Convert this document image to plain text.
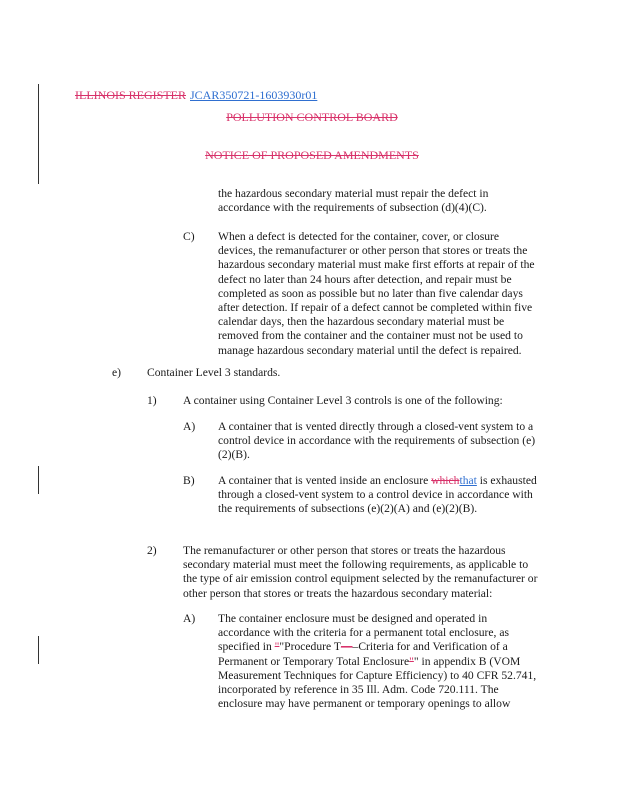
ILLINOIS REGISTER JCAR350721-1603930r01
POLLUTION CONTROL BOARD
NOTICE OF PROPOSED AMENDMENTS
the hazardous secondary material must repair the defect in accordance with the requirements of subsection (d)(4)(C).
C) When a defect is detected for the container, cover, or closure devices, the remanufacturer or other person that stores or treats the hazardous secondary material must make first efforts at repair of the defect no later than 24 hours after detection, and repair must be completed as soon as possible but no later than five calendar days after detection. If repair of a defect cannot be completed within five calendar days, then the hazardous secondary material must be removed from the container and the container must not be used to manage hazardous secondary material until the defect is repaired.
e) Container Level 3 standards.
1) A container using Container Level 3 controls is one of the following:
A) A container that is vented directly through a closed-vent system to a control device in accordance with the requirements of subsection (e)(2)(B).
B) A container that is vented inside an enclosure whichthat is exhausted through a closed-vent system to a control device in accordance with the requirements of subsections (e)(2)(A) and (e)(2)(B).
2) The remanufacturer or other person that stores or treats the hazardous secondary material must meet the following requirements, as applicable to the type of air emission control equipment selected by the remanufacturer or other person that stores or treats the hazardous secondary material:
A) The container enclosure must be designed and operated in accordance with the criteria for a permanent total enclosure, as specified in ""Procedure T—–Criteria for and Verification of a Permanent or Temporary Total Enclosure"" in appendix B (VOM Measurement Techniques for Capture Efficiency) to 40 CFR 52.741, incorporated by reference in 35 Ill. Adm. Code 720.111. The enclosure may have permanent or temporary openings to allow
